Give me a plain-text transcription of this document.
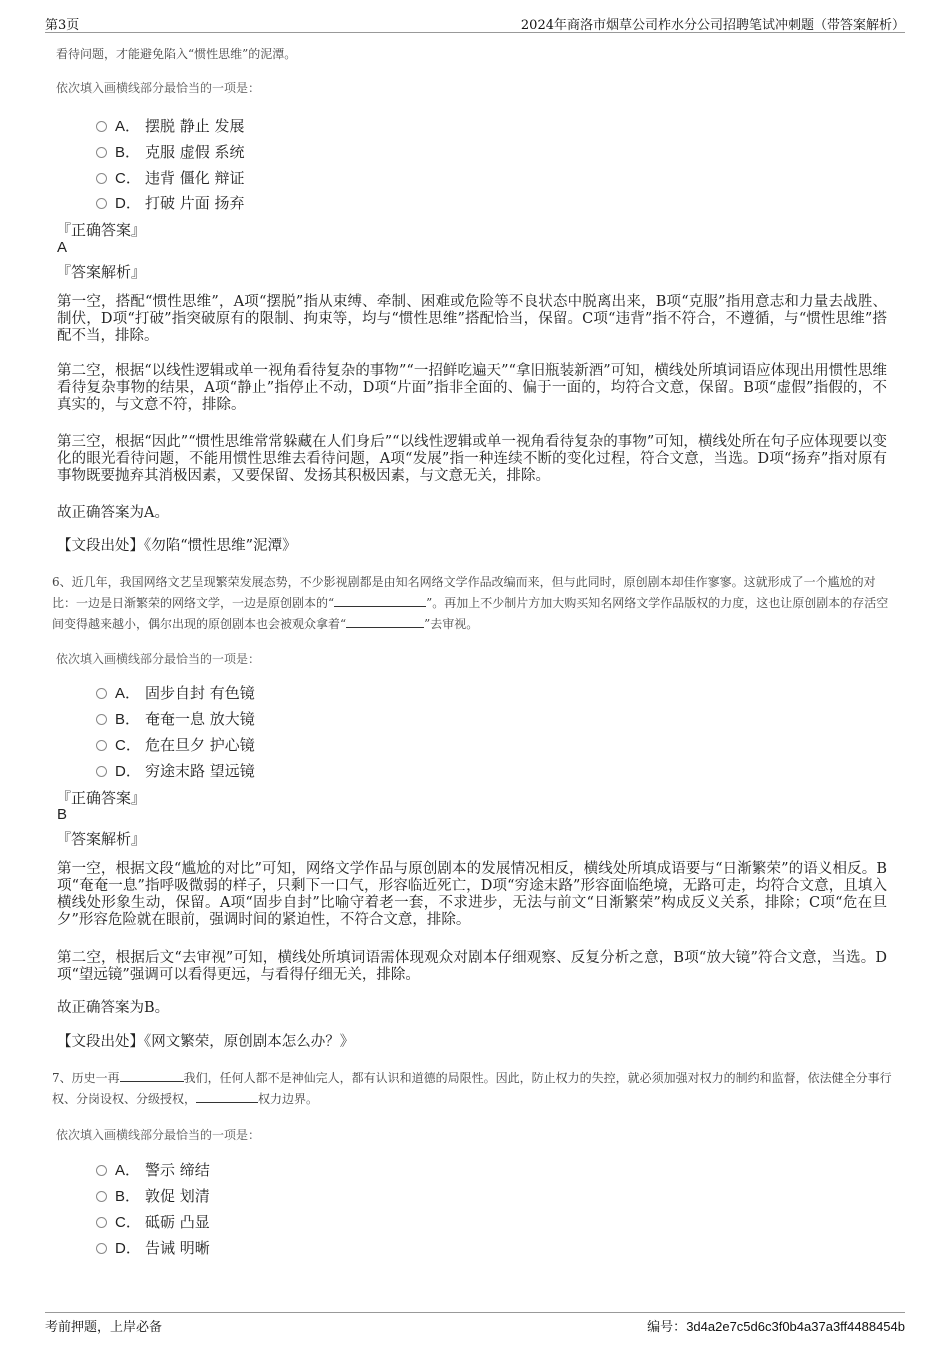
第3页	2024年商洛市烟草公司柞水分公司招聘笔试冲刺题（带答案解析）
看待问题，才能避免陷入“惯性思维”的泥潭。
依次填入画横线部分最恰当的一项是：
A． 摆脱 静止 发展
B． 克服 虚假 系统
C． 违背 僵化 辩证
D． 打破 片面 扬弃
『正确答案』
A
『答案解析』
第一空，搭配“惯性思维”，A项“摆脱”指从束缚、牵制、困难或危险等不良状态中脱离出来，B项“克服”指用意志和力量去战胜、制伏，D项“打破”指突破原有的限制、拘束等，均与“惯性思维”搭配恰当，保留。C项“违背”指不符合，不遵循，与“惯性思维”搭配不当，排除。
第二空，根据“以线性逻辑或单一视角看待复杂的事物”“一招鲜吃遍天”“拿旧瓶装新酒”可知，横线处所填词语应体现出用惯性思维看待复杂事物的结果，A项“静止”指停止不动，D项“片面”指非全面的、偏于一面的，均符合文意，保留。B项“虚假”指假的，不真实的，与文意不符，排除。
第三空，根据“因此”“惯性思维常常躲藏在人们身后”“以线性逻辑或单一视角看待复杂的事物”可知，横线处所在句子应体现要以变化的眼光看待问题，不能用惯性思维去看待问题，A项“发展”指一种连续不断的变化过程，符合文意，当选。D项“扬弃”指对原有事物既要抛弃其消极因素，又要保留、发扬其积极因素，与文意无关，排除。
故正确答案为A。
【文段出处】《勿陷“惯性思维”泥潭》
6、近几年，我国网络文艺呈现繁荣发展态势，不少影视剧都是由知名网络文学作品改编而来，但与此同时，原创剧本却佳作寥寥。这就形成了一个尴尬的对比：一边是日渐繁荣的网络文学，一边是原创剧本的“	”。再加上不少制片方加大购买知名网络文学作品版权的力度，这也让原创剧本的存活空间变得越来越小，偶尔出现的原创剧本也会被观众拿着“	”去审视。
依次填入画横线部分最恰当的一项是：
A． 固步自封 有色镜
B． 奄奄一息 放大镜
C． 危在旦夕 护心镜
D． 穷途末路 望远镜
『正确答案』
B
『答案解析』
第一空，根据文段“尴尬的对比”可知，网络文学作品与原创剧本的发展情况相反，横线处所填成语要与“日渐繁荣”的语义相反。B项“奄奄一息”指呼吸微弱的样子，只剩下一口气，形容临近死亡，D项“穷途末路”形容面临绝境，无路可走，均符合文意，且填入横线处形象生动，保留。A项“固步自封”比喻守着老一套，不求进步，无法与前文“日渐繁荣”构成反义关系，排除；C项“危在旦夕”形容危险就在眼前，强调时间的紧迫性，不符合文意，排除。
第二空，根据后文“去审视”可知，横线处所填词语需体现观众对剧本仔细观察、反复分析之意，B项“放大镜”符合文意，当选。D项“望远镜”强调可以看得更远，与看得仔细无关，排除。
故正确答案为B。
【文段出处】《网文繁荣，原创剧本怎么办？》
7、历史一再	我们，任何人都不是神仙完人，都有认识和道德的局限性。因此，防止权力的失控，就必须加强对权力的制约和监督，依法健全分事行权、分岗设权、分级授权，	权力边界。
依次填入画横线部分最恰当的一项是：
A． 警示 缔结
B． 敦促 划清
C． 砥砺 凸显
D． 告诫 明晰
考前押题，上岸必备	编号：3d4a2e7c5d6c3f0b4a37a3ff4488454b
